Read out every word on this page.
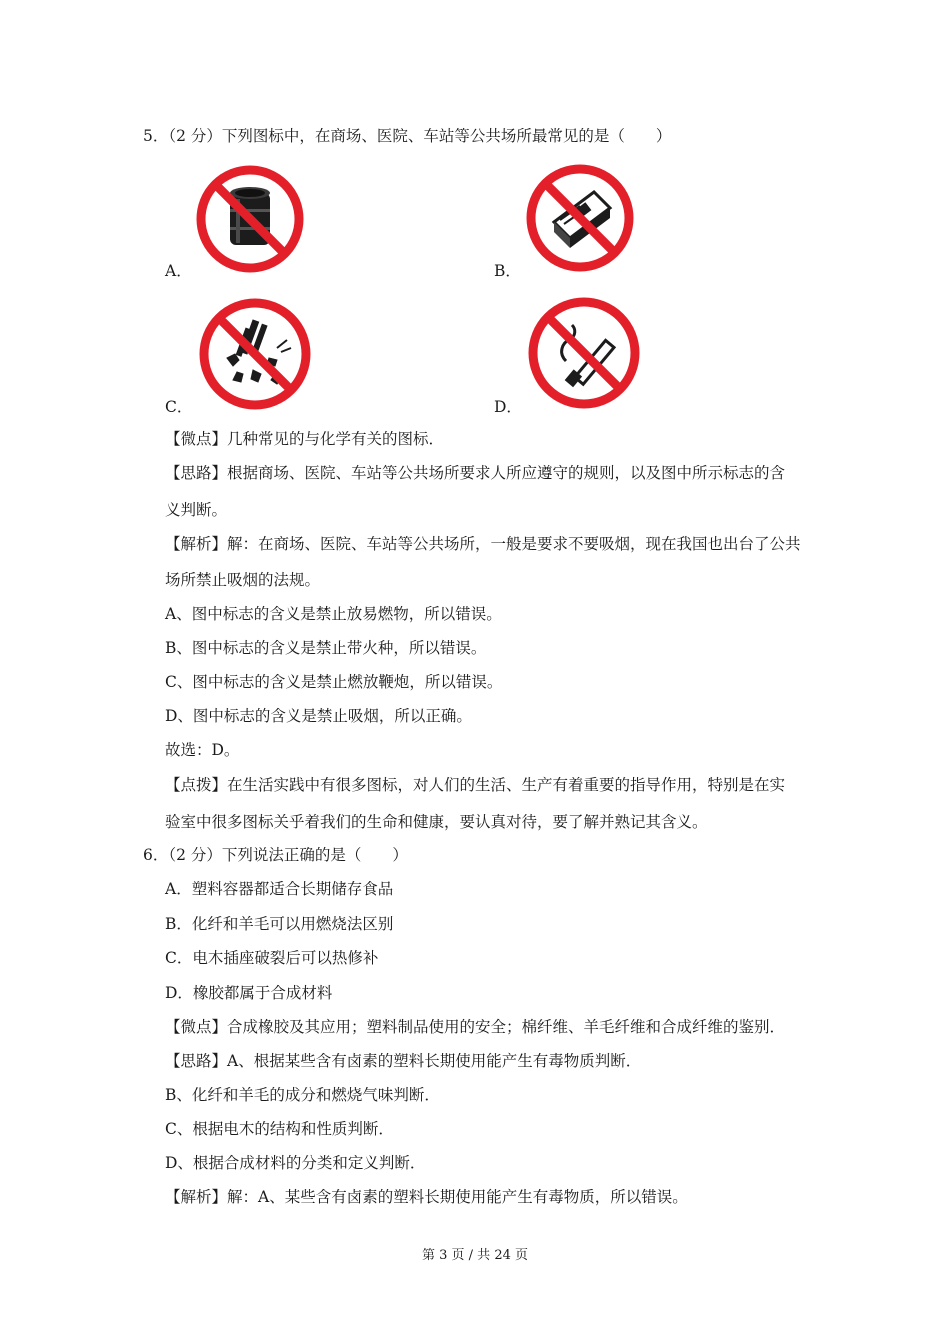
5．（2 分）下列图标中，在商场、医院、车站等公共场所最常见的是（　　）
A．	B．
C．	D．
【微点】几种常见的与化学有关的图标．
【思路】根据商场、医院、车站等公共场所要求人所应遵守的规则，以及图中所示标志的含
义判断。
【解析】解：在商场、医院、车站等公共场所，一般是要求不要吸烟，现在我国也出台了公共
场所禁止吸烟的法规。
A、图中标志的含义是禁止放易燃物，所以错误。
B、图中标志的含义是禁止带火种，所以错误。
C、图中标志的含义是禁止燃放鞭炮，所以错误。
D、图中标志的含义是禁止吸烟，所以正确。
故选：D。
【点拨】在生活实践中有很多图标，对人们的生活、生产有着重要的指导作用，特别是在实
验室中很多图标关乎着我们的生命和健康，要认真对待，要了解并熟记其含义。
6．（2 分）下列说法正确的是（　　）
A．塑料容器都适合长期储存食品
B．化纤和羊毛可以用燃烧法区别
C．电木插座破裂后可以热修补
D．橡胶都属于合成材料
【微点】合成橡胶及其应用；塑料制品使用的安全；棉纤维、羊毛纤维和合成纤维的鉴别．
【思路】A、根据某些含有卤素的塑料长期使用能产生有毒物质判断．
B、化纤和羊毛的成分和燃烧气味判断．
C、根据电木的结构和性质判断．
D、根据合成材料的分类和定义判断．
【解析】解：A、某些含有卤素的塑料长期使用能产生有毒物质，所以错误。
第 3 页 / 共 24 页
